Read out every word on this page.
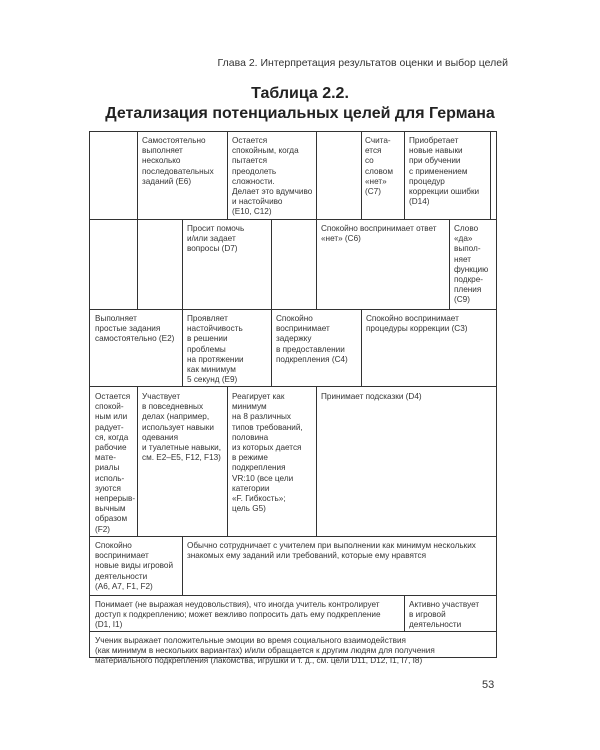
Глава 2. Интерпретация результатов оценки и выбор целей
Таблица 2.2.
Детализация потенциальных целей для Германа
Самостоятельно
выполняет
несколько
последовательных
заданий (E6)
Остается
спокойным, когда
пытается
преодолеть
сложности.
Делает это вдумчиво
и настойчиво
(E10, C12)
Счита-
ется
со
словом
«нет»
(C7)
Приобретает
новые навыки
при обучении
с применением
процедур
коррекции ошибки
(D14)
Просит помочь
и/или задает
вопросы (D7)
Спокойно воспринимает ответ
«нет» (C6)
Слово
«да»
выпол-
няет
функцию
подкре-
пления
(C9)
Выполняет
простые задания
самостоятельно (E2)
Проявляет
настойчивость
в решении
проблемы
на протяжении
как минимум
5 секунд (E9)
Спокойно
воспринимает
задержку
в предоставлении
подкрепления (C4)
Спокойно воспринимает
процедуры коррекции (C3)
Остается
спокой-
ным или
радует-
ся, когда
рабочие
мате-
риалы
исполь-
зуются
непрерыв-
вычным
образом
(F2)
Участвует
в повседневных
делах (например,
использует навыки
одевания
и туалетные навыки,
см. E2–E5, F12, F13)
Реагирует как
минимум
на 8 различных
типов требований,
половина
из которых дается
в режиме
подкрепления
VR:10 (все цели
категории
«F. Гибкость»;
цель G5)
Принимает подсказки (D4)
Спокойно
воспринимает
новые виды игровой
деятельности
(A6, A7, F1, F2)
Обычно сотрудничает с учителем при выполнении как минимум нескольких
знакомых ему заданий или требований, которые ему нравятся
Понимает (не выражая неудовольствия), что иногда учитель контролирует
доступ к подкреплению; может вежливо попросить дать ему подкрепление
(D1, I1)
Активно участвует
в игровой
деятельности
Ученик выражает положительные эмоции во время социального взаимодействия
(как минимум в нескольких вариантах) и/или обращается к другим людям для получения
материального подкрепления (лакомства, игрушки и т. д., см. цели D11, D12, I1, I7, I8)
53
